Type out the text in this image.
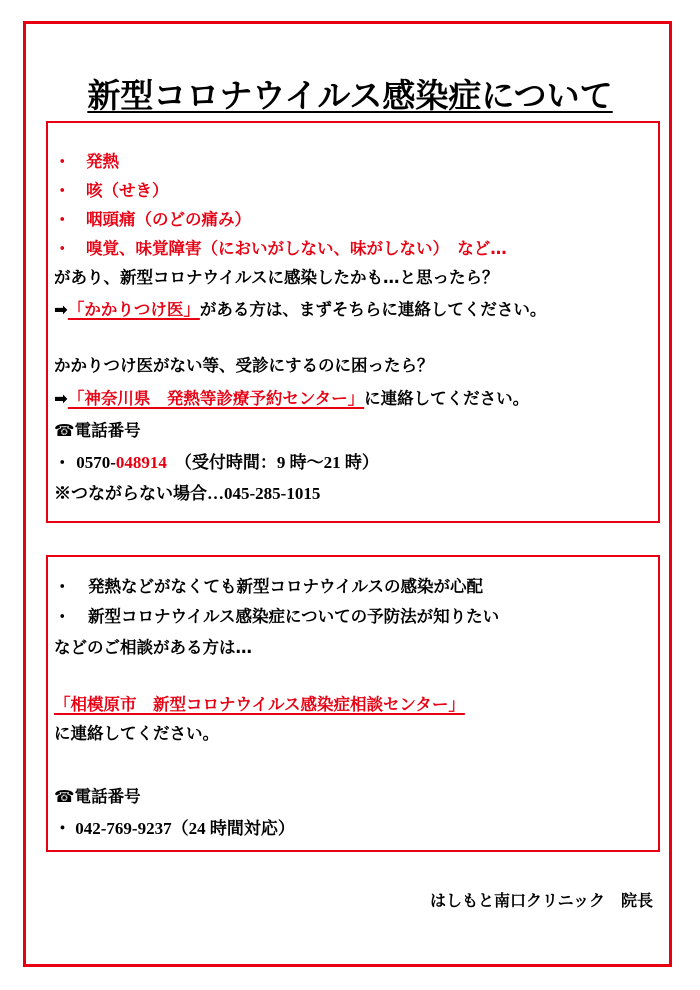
新型コロナウイルス感染症について
・ 発熱
・ 咳（せき）
・ 咽頭痛（のどの痛み）
・ 嗅覚、味覚障害（においがしない、味がしない）　など…
があり、新型コロナウイルスに感染したかも…と思ったら？
➡「かかりつけ医」がある方は、まずそちらに連絡してください。
かかりつけ医がない等、受診にするのに困ったら？
➡「神奈川県　発熱等診療予約センター」に連絡してください。
☎電話番号
・ 0570-048914　 （受付時間：9 時～21 時）
※つながらない場合…045-285-1015
・ 発熱などがなくても新型コロナウイルスの感染が心配
・ 新型コロナウイルス感染症についての予防法が知りたい
などのご相談がある方は…
「相模原市　新型コロナウイルス感染症相談センター」
に連絡してください。
☎電話番号
・ 042-769-9237（24 時間対応）
はしもと南口クリニック　院長
